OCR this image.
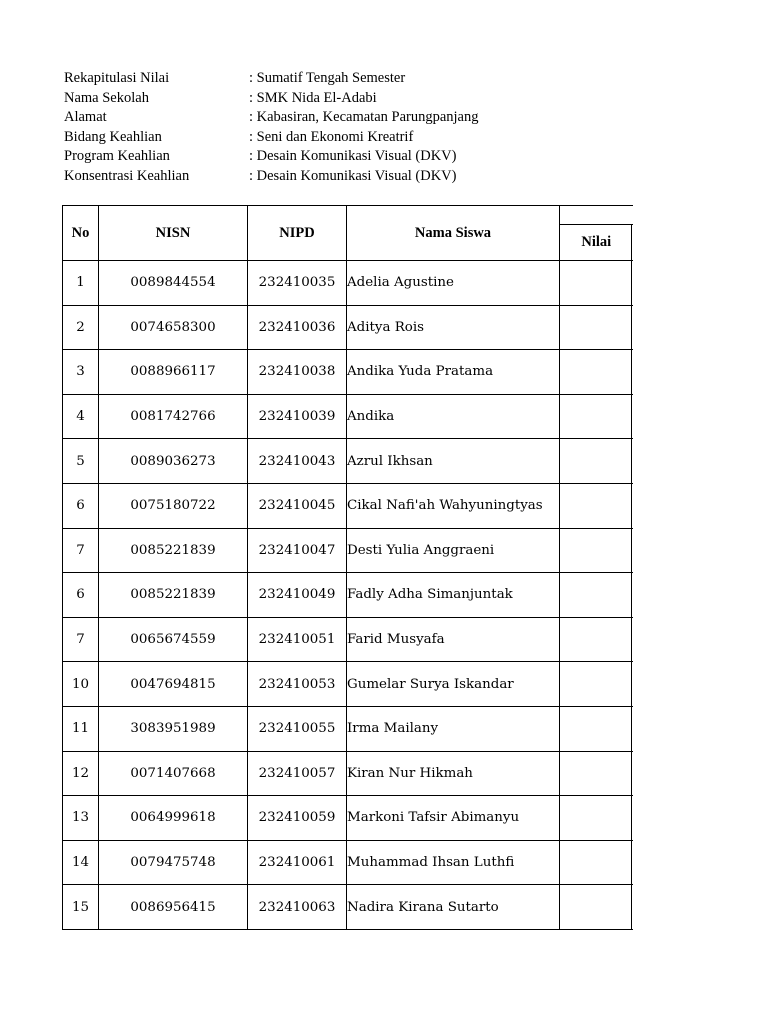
Rekapitulasi Nilai	: Sumatif Tengah Semester
Nama Sekolah	: SMK Nida El-Adabi
Alamat	: Kabasiran, Kecamatan Parungpanjang
Bidang Keahlian	: Seni dan Ekonomi Kreatrif
Program Keahlian	: Desain Komunikasi Visual (DKV)
Konsentrasi Keahlian	: Desain Komunikasi Visual (DKV)
No	NISN	NIPD	Nama Siswa	
				Nilai
1	0089844554	232410035	Adelia Agustine	
2	0074658300	232410036	Aditya Rois	
3	0088966117	232410038	Andika Yuda Pratama	
4	0081742766	232410039	Andika	
5	0089036273	232410043	Azrul Ikhsan	
6	0075180722	232410045	Cikal Nafi'ah Wahyuningtyas	
7	0085221839	232410047	Desti Yulia Anggraeni	
6	0085221839	232410049	Fadly Adha Simanjuntak	
7	0065674559	232410051	Farid Musyafa	
10	0047694815	232410053	Gumelar Surya Iskandar	
11	3083951989	232410055	Irma Mailany	
12	0071407668	232410057	Kiran Nur Hikmah	
13	0064999618	232410059	Markoni Tafsir Abimanyu	
14	0079475748	232410061	Muhammad Ihsan Luthfi	
15	0086956415	232410063	Nadira Kirana Sutarto	
